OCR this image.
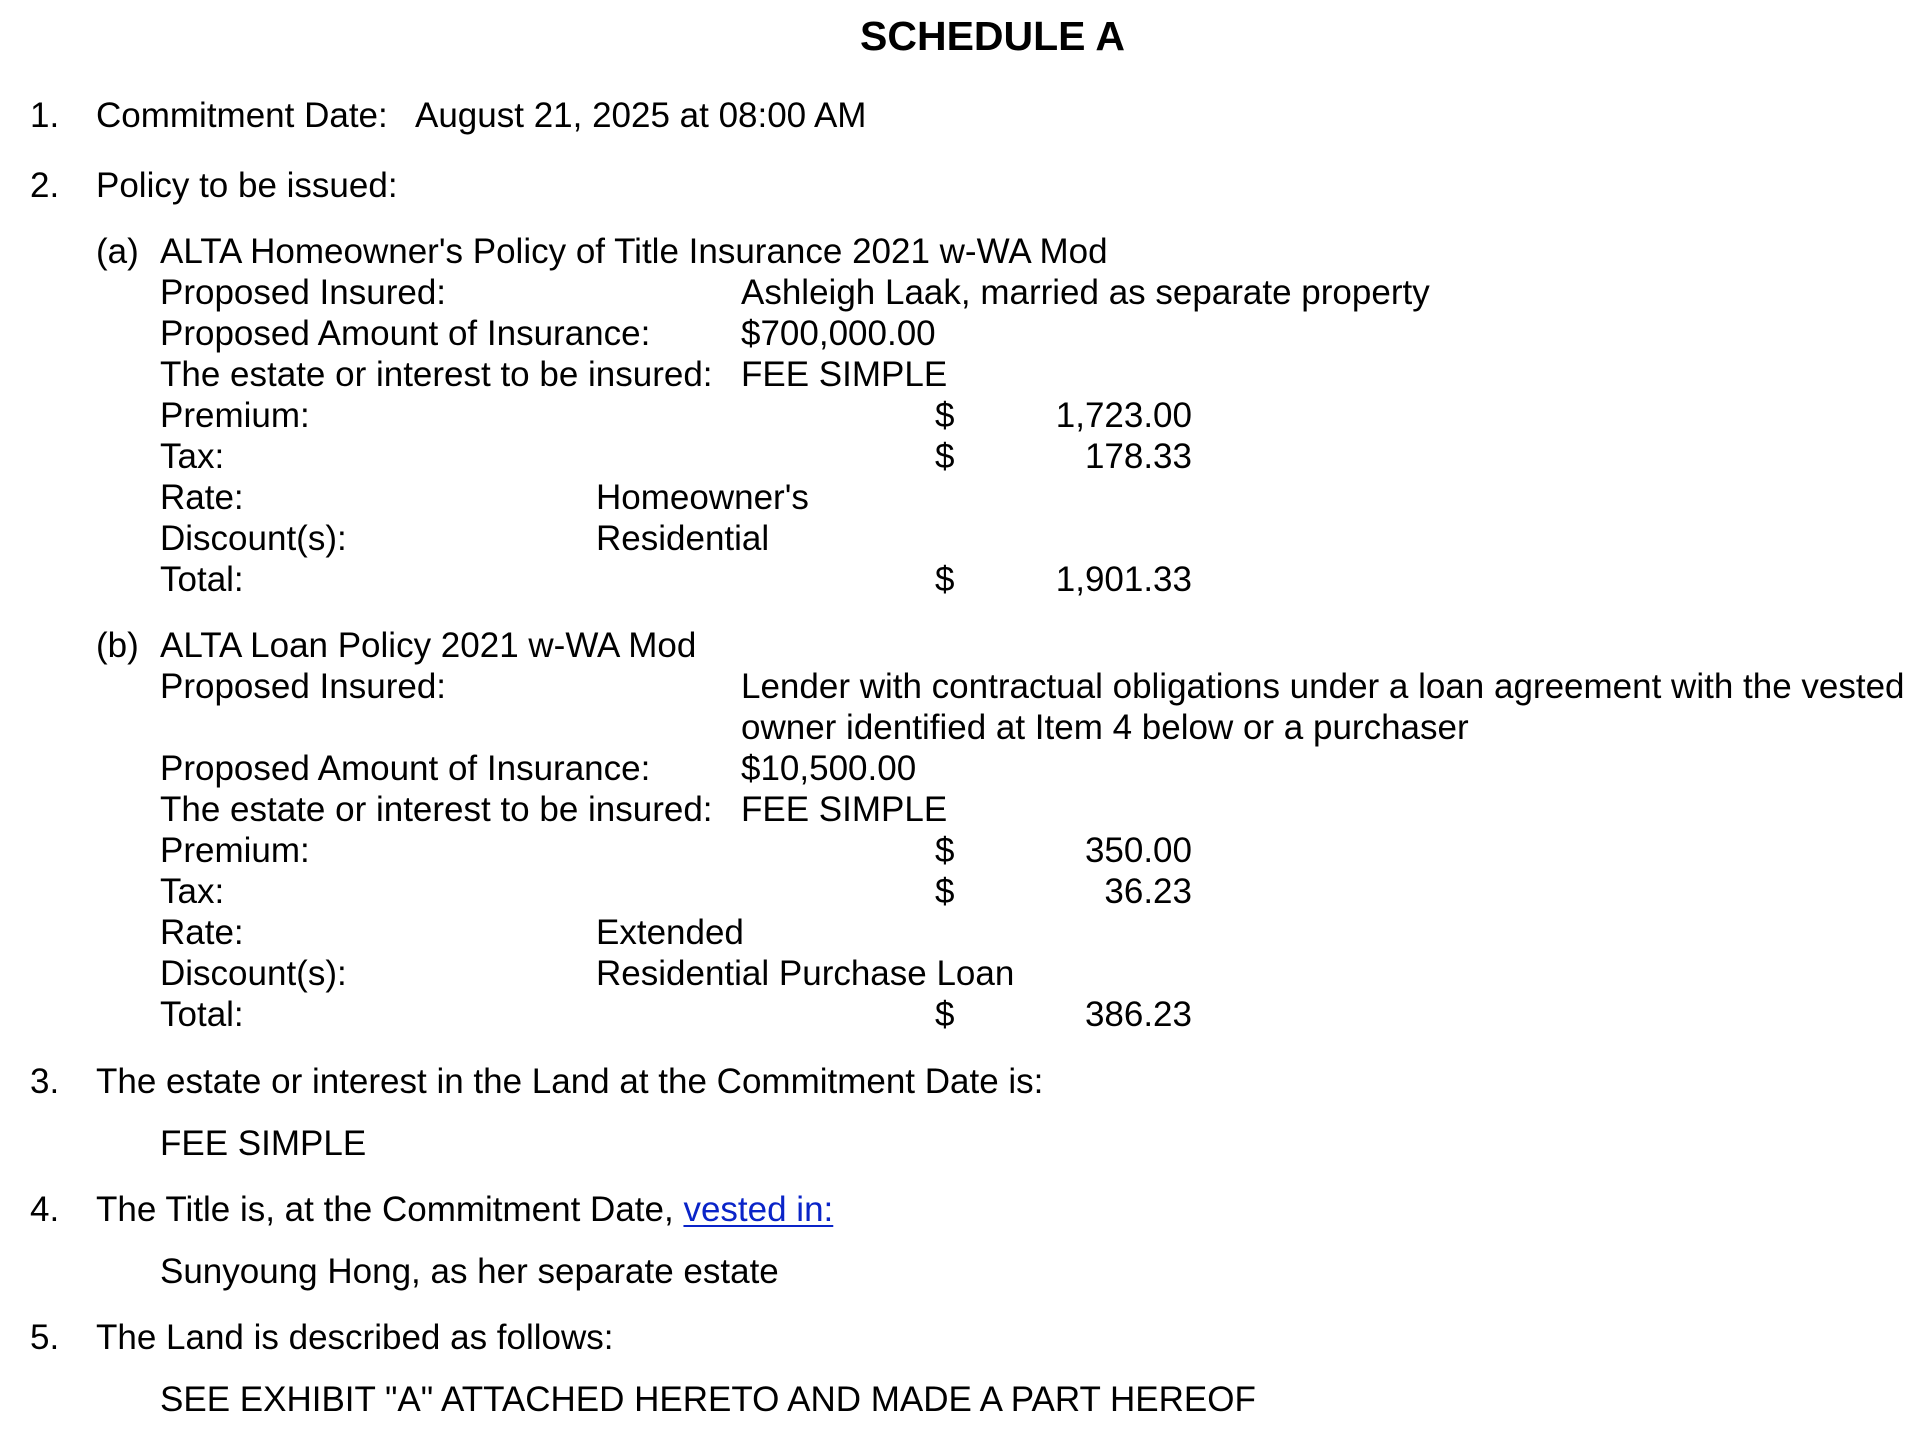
SCHEDULE A
1. Commitment Date: August 21, 2025 at 08:00 AM
2. Policy to be issued:
(a) ALTA Homeowner's Policy of Title Insurance 2021 w-WA Mod
Proposed Insured:	Ashleigh Laak, married as separate property
Proposed Amount of Insurance:	$700,000.00
The estate or interest to be insured: FEE SIMPLE
Premium:	$	1,723.00
Tax:	$	178.33
Rate:	Homeowner's
Discount(s):	Residential
Total:	$	1,901.33
(b) ALTA Loan Policy 2021 w-WA Mod
Proposed Insured:	Lender with contractual obligations under a loan agreement with the vested
owner identified at Item 4 below or a purchaser
Proposed Amount of Insurance:	$10,500.00
The estate or interest to be insured: FEE SIMPLE
Premium:	$	350.00
Tax:	$	36.23
Rate:	Extended
Discount(s):	Residential Purchase Loan
Total:	$	386.23
3. The estate or interest in the Land at the Commitment Date is:
FEE SIMPLE
4. The Title is, at the Commitment Date, vested in:
Sunyoung Hong, as her separate estate
5. The Land is described as follows:
SEE EXHIBIT "A" ATTACHED HERETO AND MADE A PART HEREOF
